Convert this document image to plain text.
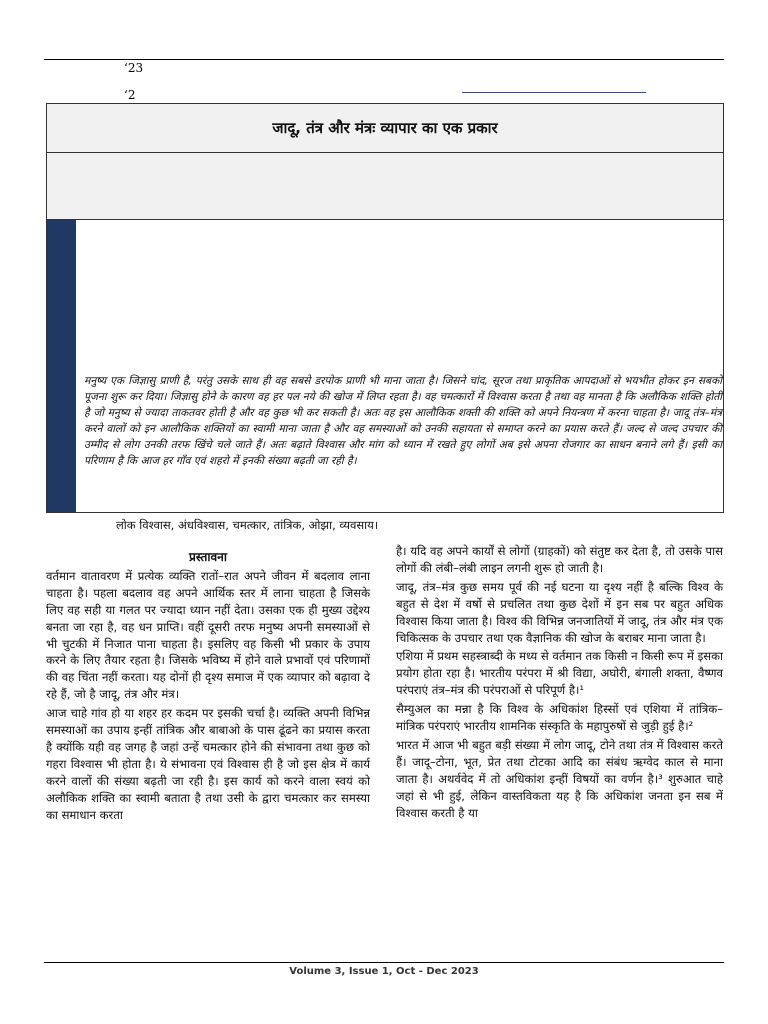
‘23
‘2
जादू, तंत्र और मंत्रः व्यापार का एक प्रकार

मनुष्य एक जिज्ञासु प्राणी है, परंतु उसके साथ ही वह सबसे डरपोक प्राणी भी माना जाता है। जिसने चांद, सूरज तथा प्राकृतिक आपदाओं से भयभीत होकर इन सबको पूजना शुरू कर दिया। जिज्ञासु होने के कारण वह हर पल नये की खोज में लिप्त रहता है। वह चमत्कारों में विश्वास करता है तथा वह मानता है कि अलौकिक शक्ति होती है जो मनुष्य से ज्यादा ताकतवर होती है और वह कुछ भी कर सकती है। अतः वह इस आलौकिक शक्ती की शक्ति को अपने नियन्त्रण में करना चाहता है। जादू तंत्र–मंत्र करने वालों को इन आलौकिक शक्तियों का स्वामी माना जाता है और वह समस्याओं को उनकी सहायता से समाप्त करने का प्रयास करते हैं। जल्द से जल्द उपचार की उम्मीद से लोग उनकी तरफ खिंचे चले जाते हैं। अतः बढ़ाते विश्वास और मांग को ध्यान में रखते हुए लोगों अब इसे अपना रोजगार का साधन बनाने लगे हैं। इसी का परिणाम है कि आज हर गाँव एवं शहरो में इनकी संख्या बढ़ती जा रही है।

लोक विश्वास, अंधविश्वास, चमत्कार, तांत्रिक, ओझा, व्यवसाय।

प्रस्तावना

वर्तमान वातावरण में प्रत्येक व्यक्ति रातों–रात अपने जीवन में बदलाव लाना चाहता है। पहला बदलाव वह अपने आर्थिक स्तर में लाना चाहता है जिसके लिए वह सही या गलत पर ज्यादा ध्यान नहीं देता। उसका एक ही मुख्य उद्देश्य बनता जा रहा है, वह धन प्राप्ति। वहीं दूसरी तरफ मनुष्य अपनी समस्याओं से भी चुटकी में निजात पाना चाहता है। इसलिए वह किसी भी प्रकार के उपाय करने के लिए तैयार रहता है। जिसके भविष्य में होने वाले प्रभावों एवं परिणामों की वह चिंता नहीं करता। यह दोनों ही दृश्य समाज में एक व्यापार को बढ़ावा दे रहे हैं, जो है जादू, तंत्र और मंत्र।

आज चाहे गांव हो या शहर हर कदम पर इसकी चर्चा है। व्यक्ति अपनी विभिन्न समस्याओं का उपाय इन्हीं तांत्रिक और बाबाओ के पास ढूंढने का प्रयास करता है क्योंकि यही वह जगह है जहां उन्हें चमत्कार होने की संभावना तथा कुछ को गहरा विश्वास भी होता है। ये संभावना एवं विश्वास ही है जो इस क्षेत्र में कार्य करने वालों की संख्या बढ़ती जा रही है। इस कार्य को करने वाला स्वयं को अलौकिक शक्ति का स्वामी बताता है तथा उसी के द्वारा चमत्कार कर समस्या का समाधान करता

है। यदि वह अपने कार्यों से लोगों (ग्राहकों) को संतुष्ट कर देता है, तो उसके पास लोगों की लंबी–लंबी लाइन लगनी शुरू हो जाती है।

जादू, तंत्र–मंत्र कुछ समय पूर्व की नई घटना या दृश्य नहीं है बल्कि विश्व के बहुत से देश में वर्षो से प्रचलित तथा कुछ देशों में इन सब पर बहुत अधिक विश्वास किया जाता है। विश्व की विभिन्न जनजातियों में जादू, तंत्र और मंत्र एक चिकित्सक के उपचार तथा एक वैज्ञानिक की खोज के बराबर माना जाता है।

एशिया में प्रथम सहस्त्राब्दी के मध्य से वर्तमान तक किसी न किसी रूप में इसका प्रयोग होता रहा है। भारतीय परंपरा में श्री विद्या, अघोरी, बंगाली शक्ता, वैष्णव परंपराएं तंत्र–मंत्र की परंपराओं से परिपूर्ण है।¹

सैम्युअल का मन्ना है कि विश्व के अधिकांश हिस्सों एवं एशिया में तांत्रिक–मांत्रिक परंपराएं भारतीय शामनिक संस्कृति के महापुरुषों से जुड़ी हुई है।²

भारत में आज भी बहुत बड़ी संख्या में लोग जादू, टोने तथा तंत्र में विश्वास करते हैं। जादू–टोना, भूत, प्रेत तथा टोटका आदि का संबंध ऋग्वेद काल से माना जाता है। अथर्ववेद में तो अधिकांश इन्हीं विषयों का वर्णन है।³ शुरुआत चाहे जहां से भी हुई, लेकिन वास्तविकता यह है कि अधिकांश जनता इन सब में विश्वास करती है या

Volume 3, Issue 1, Oct - Dec 2023
